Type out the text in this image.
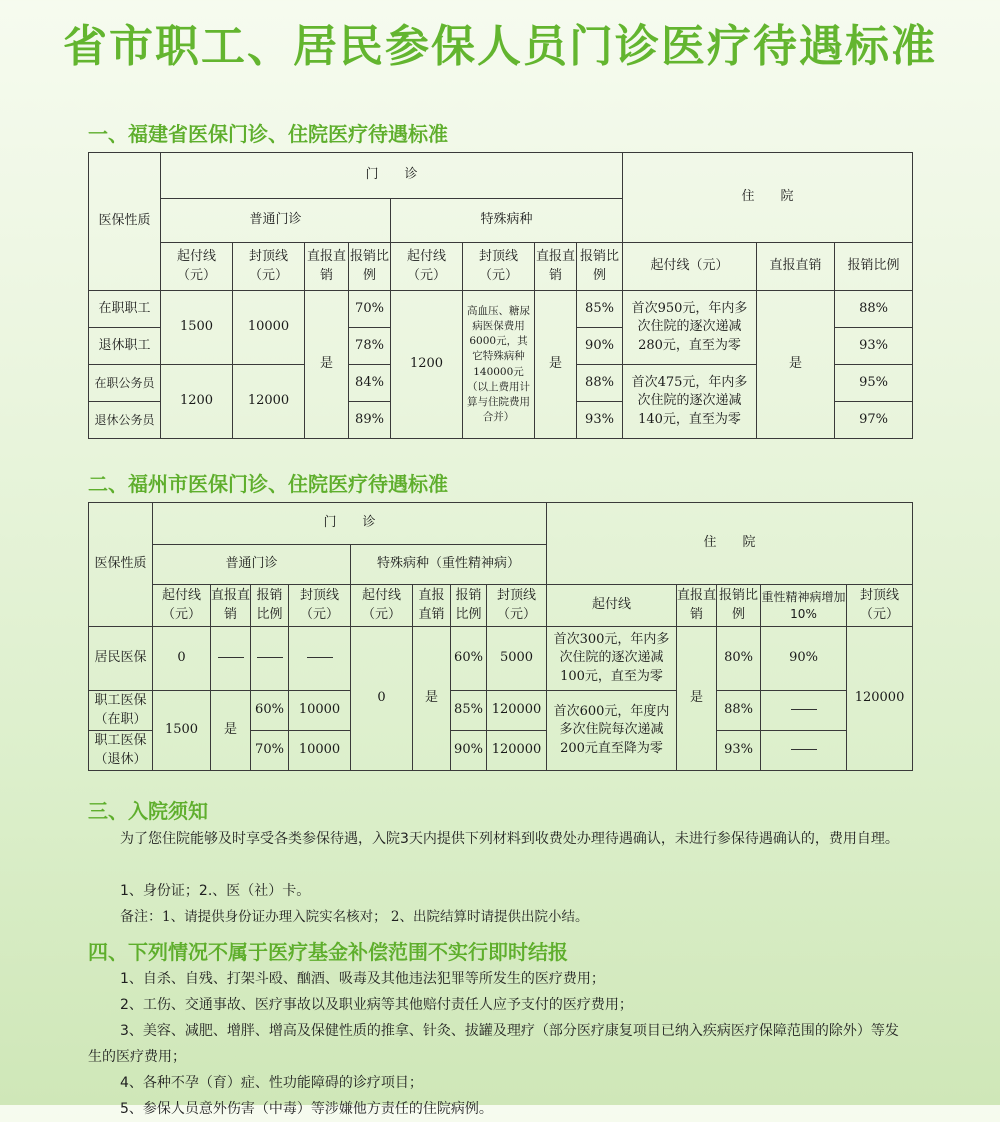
省市职工、居民参保人员门诊医疗待遇标准
一、福建省医保门诊、住院医疗待遇标准
医保性质	门　　诊								住　　院		
	普通门诊				特殊病种						
	起付线（元）	封顶线（元）	直报直销	报销比例	起付线（元）	封顶线（元）	直报直销	报销比例	起付线（元）	直报直销	报销比例
在职职工	1500	10000	是	70%	1200	高血压、糖尿病医保费用6000元，其它特殊病种140000元（以上费用计算与住院费用合并）	是	85%	首次950元，年内多次住院的逐次递减280元，直至为零	是	88%
退休职工				78%				90%			93%
在职公务员	1200	12000		84%				88%	首次475元，年内多次住院的逐次递减140元，直至为零		95%
退休公务员				89%				93%			97%
二、福州市医保门诊、住院医疗待遇标准
医保性质	门　　诊								住　　院				
	普通门诊				特殊病种（重性精神病）								
	起付线（元）	直报直销	报销比例	封顶线（元）	起付线（元）	直报直销	报销比例	封顶线（元）	起付线	直报直销	报销比例	重性精神病增加10%	封顶线（元）
居民医保	0				0	是	60%	5000	首次300元，年内多次住院的逐次递减100元，直至为零	是	80%	90%	120000
职工医保（在职）	1500	是	60%	10000			85%	120000	首次600元，年度内多次住院每次递减200元直至降为零		88%		
职工医保（退休）			70%	10000			90%	120000			93%		
三、入院须知
为了您住院能够及时享受各类参保待遇，入院3天内提供下列材料到收费处办理待遇确认，未进行参保待遇确认的，费用自理。
1、身份证；2.、医（社）卡。
备注：1、请提供身份证办理入院实名核对； 2、出院结算时请提供出院小结。
四、下列情况不属于医疗基金补偿范围不实行即时结报
1、自杀、自残、打架斗殴、酗酒、吸毒及其他违法犯罪等所发生的医疗费用；
2、工伤、交通事故、医疗事故以及职业病等其他赔付责任人应予支付的医疗费用；
3、美容、减肥、增胖、增高及保健性质的推拿、针灸、拔罐及理疗（部分医疗康复项目已纳入疾病医疗保障范围的除外）等发生的医疗费用；
4、各种不孕（育）症、性功能障碍的诊疗项目；
5、参保人员意外伤害（中毒）等涉嫌他方责任的住院病例。
